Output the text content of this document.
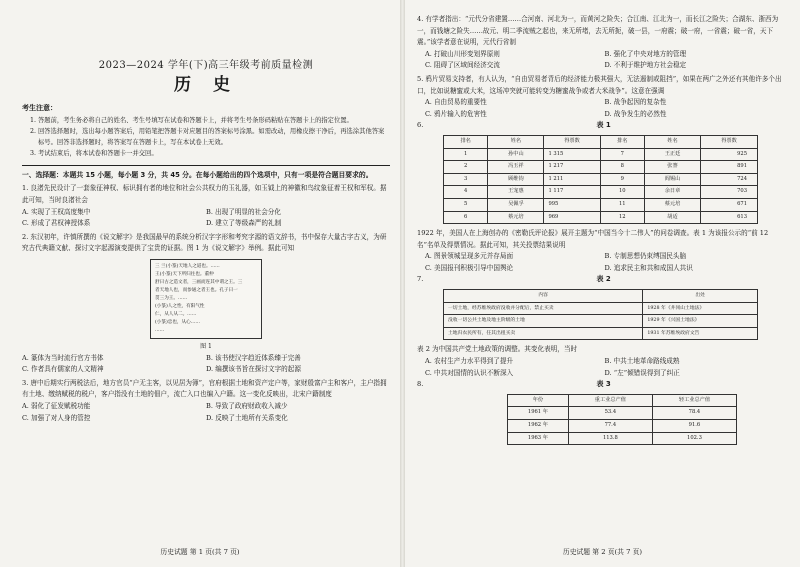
2023—2024 学年(下)高三年级考前质量检测
历 史
考生注意：
1. 答题前，考生务必将自己的姓名、考生号填写在试卷和答题卡上，并将考生号条形码粘贴在答题卡上的指定位置。
2. 回答选择题时，选出每小题答案后，用铅笔把答题卡对应题目的答案标号涂黑。如需改动，用橡皮擦干净后，再选涂其他答案标号。回答非选择题时，将答案写在答题卡上，写在本试卷上无效。
3. 考试结束后，将本试卷和答题卡一并交回。
一、选择题：本题共 15 小题，每小题 3 分，共 45 分。在每小题给出的四个选项中，只有一项是符合题目要求的。
1. 良渚先民设计了一套象征神权、标识拥有者的地位和社会公共权力的玉礼器，如玉钺上的神徽和鸟纹象征着王权和军权。据此可知，当时良渚社会
A. 实现了王权高度集中	B. 出现了明显的社会分化
C. 形成了君权神授体系	D. 建立了等级森严的礼制
2. 东汉初年，许慎所撰的《说文解字》是我国最早的系统分析汉字字形和考究字源的语文辞书，书中保存大量古字古义，为研究古代典籍文献、探讨文字起源演变提供了宝贵的证据。图 1 为《说文解字》举例。据此可知
三 亖(小篆)天地人之道也。……
王(小篆)天下所归往也。董仲
舒曰古之造文者，三画而连其中谓之王。三
者天地人也，而参通之者王也。孔子曰一
贯三为王。……
(小篆)人之性，有阳气性
仁，从人从二。……
(小篆)忠也，从心……
……
图 1
A. 篆体为当时流行官方书体	B. 该书使汉字趋近体系臻于完善
C. 作者具有儒家的人文精神	D. 编撰该书旨在探讨文字的起源
3. 唐中后期实行两税法后，地方官员“户无主客，以见居为簿”，官府根据土地和资产定户等，家财殷富户主和客户，主户指拥有土地、缴纳赋税的税户，客户指没有土地的佃户，流亡入口也编入户籍。这一变化反映出，北宋户籍制度
A. 弱化了征发赋税功能	B. 导致了政府财政收入减少
C. 加强了对人身的管控	D. 反映了土地所有关系变化
历史试题 第 1 页(共 7 页)
4. 有学者指出：“元代分省建置……合河南、河北为一，而黄河之险失；合江南、江北为一，而长江之险失；合湖东、浙西为一，而钱塘之险失……故元、明二季流贼之起也，来无所堵，去无所扼，破一县，一府震；破一府，一省震；破一省，天下震。”该学者意在说明，元代行省制
A. 打破山川形变划界原则	B. 强化了中央对地方的管理
C. 阻碍了区域间经济交流	D. 不利于维护地方社会稳定
5. 鸦片贸易支持者，有人认为，“自由贸易者背后的经济能力极其强大，无法遏制或阻挡”，如果在两广之外还有其他许多个出口，比如说糖蜜或大米，这场冲突就可能转变为糖蜜战争或者大米战争”。这意在强调
A. 自由贸易的重要性	B. 战争起因的复杂性
C. 鸦片输入的危害性	D. 战争发生的必然性
6.	表 1
排名	姓名	得票数	排名	姓名	得票数
1	孙中山	1 315	7	王正廷	925
2	冯玉祥	1 217	8	张謇	891
3	顾维钧	1 211	9	阎锡山	724
4	王宠惠	1 117	10	余日章	703
5	吴佩孚	995	11	蔡元培	671
6	蔡元培	969	12	胡适	613
1922 年，美国人在上海创办的《密勒氏评论报》展开主题为“中国当今十二伟人”的问卷调查。表 1 为该报公示的“前 12 名”名单及得票情况。据此可知，其关投票结果说明
A. 图景领城呈现多元并存局面	B. 专制思想仍束缚国民头脑
C. 美国报刊积极引导中国舆论	D. 追求民主和共和成国人共识
7.	表 2
内容	出处
一切土地，经苏维埃政府没收并分配后，禁止买卖	1928 年《井冈山土地法》
没收一切公共土地及地主阶级的土地	1929 年《兴国土地法》
土地归农民所有，任其出租买卖	1931 年苏维埃政府文告
表 2 为中国共产党土地政策的调整。其变化表明，当时
A. 农村生产力水平得到了提升	B. 中共土地革命路线成熟
C. 中共对国情的认识不断深入	D. “左”倾错误得到了纠正
8.	表 3
年份	重工业总产值	轻工业总产值
1961 年	53.4	78.4
1962 年	77.4	91.6
1963 年	113.8	102.3
历史试题 第 2 页(共 7 页)
